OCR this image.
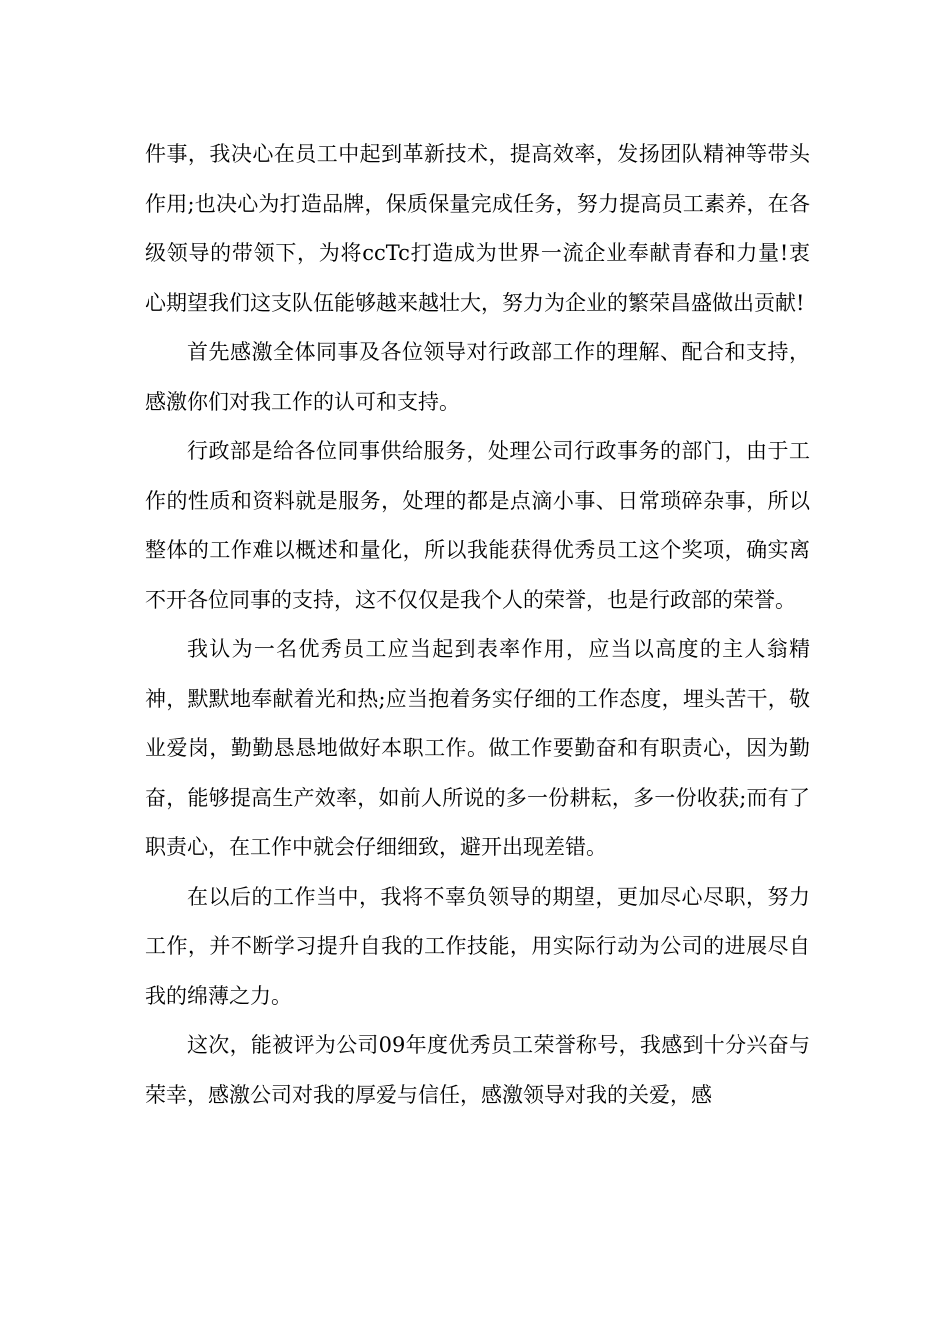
件事，我决心在员工中起到革新技术，提高效率，发扬团队精神等带头作用;也决心为打造品牌，保质保量完成任务，努力提高员工素养，在各级领导的带领下，为将ccTc打造成为世界一流企业奉献青春和力量!衷心期望我们这支队伍能够越来越壮大，努力为企业的繁荣昌盛做出贡献!

首先感激全体同事及各位领导对行政部工作的理解、配合和支持，感激你们对我工作的认可和支持。

行政部是给各位同事供给服务，处理公司行政事务的部门，由于工作的性质和资料就是服务，处理的都是点滴小事、日常琐碎杂事，所以整体的工作难以概述和量化，所以我能获得优秀员工这个奖项，确实离不开各位同事的支持，这不仅仅是我个人的荣誉，也是行政部的荣誉。

我认为一名优秀员工应当起到表率作用，应当以高度的主人翁精神，默默地奉献着光和热;应当抱着务实仔细的工作态度，埋头苦干，敬业爱岗，勤勤恳恳地做好本职工作。做工作要勤奋和有职责心，因为勤奋，能够提高生产效率，如前人所说的多一份耕耘，多一份收获;而有了职责心，在工作中就会仔细细致，避开出现差错。

在以后的工作当中，我将不辜负领导的期望，更加尽心尽职，努力工作，并不断学习提升自我的工作技能，用实际行动为公司的进展尽自我的绵薄之力。

这次，能被评为公司09年度优秀员工荣誉称号，我感到十分兴奋与荣幸，感激公司对我的厚爱与信任，感激领导对我的关爱，感
